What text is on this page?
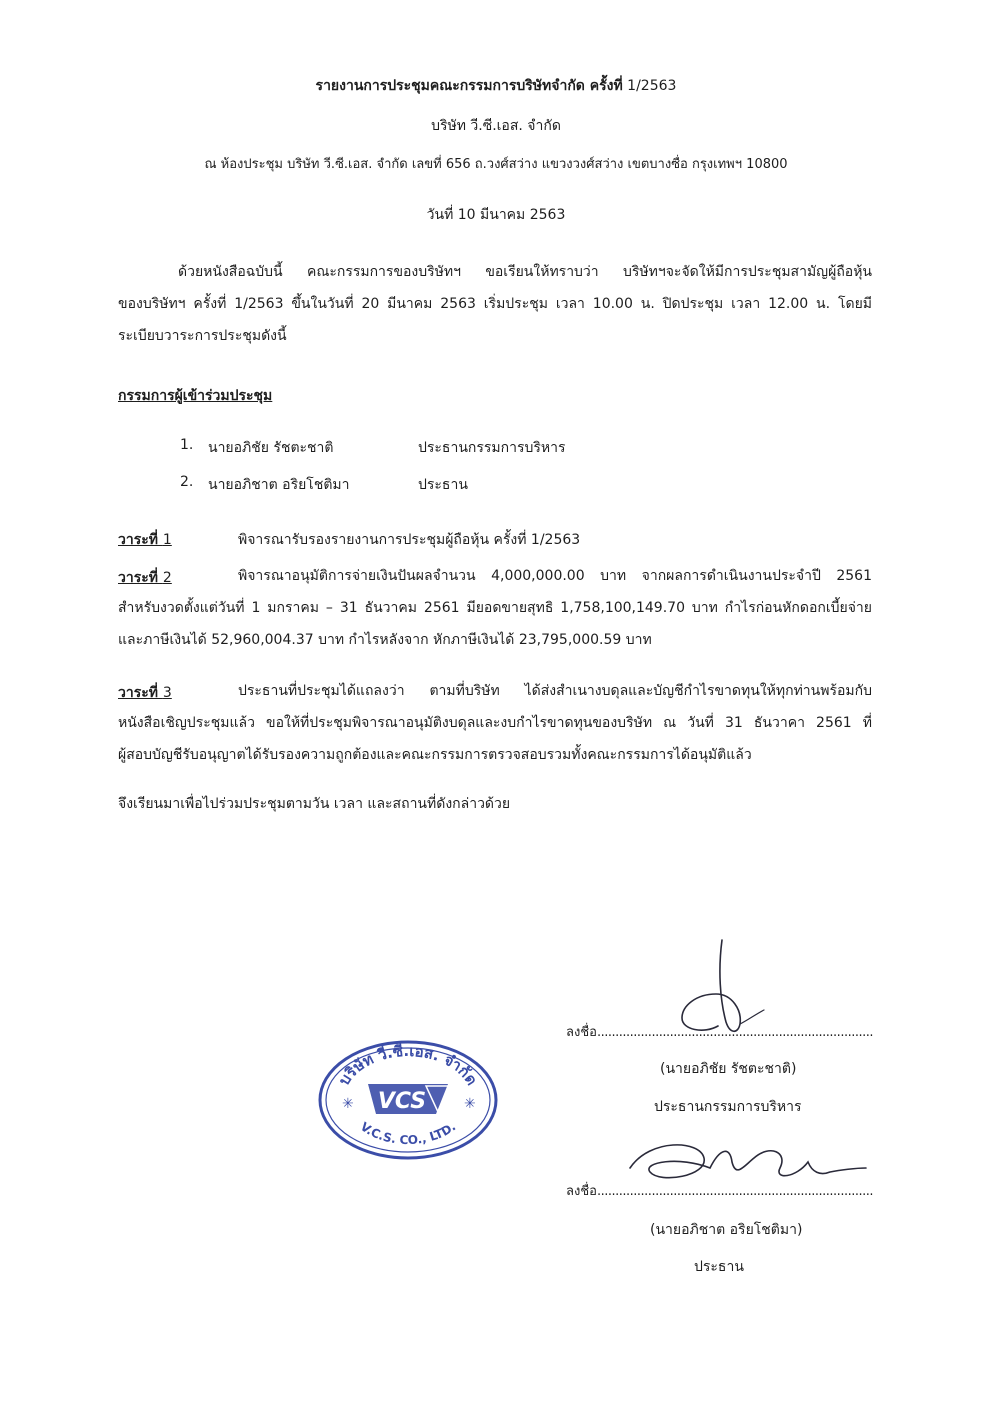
รายงานการประชุมคณะกรรมการบริษัทจำกัด ครั้งที่ 1/2563
บริษัท วี.ซี.เอส. จำกัด
ณ ห้องประชุม บริษัท วี.ซี.เอส. จำกัด เลขที่ 656 ถ.วงศ์สว่าง แขวงวงศ์สว่าง เขตบางซื่อ กรุงเทพฯ 10800
วันที่ 10 มีนาคม 2563
ด้วยหนังสือฉบับนี้ คณะกรรมการของบริษัทฯ ขอเรียนให้ทราบว่า บริษัทฯจะจัดให้มีการประชุมสามัญผู้ถือหุ้น
ของบริษัทฯ ครั้งที่ 1/2563 ขึ้นในวันที่ 20 มีนาคม 2563 เริ่มประชุม เวลา 10.00 น. ปิดประชุม เวลา 12.00 น. โดยมี
ระเบียบวาระการประชุมดังนี้
กรรมการผู้เข้าร่วมประชุม
1. นายอภิชัย รัชตะชาติ	ประธานกรรมการบริหาร
2. นายอภิชาต อริยโชติมา	ประธาน
วาระที่ 1	พิจารณารับรองรายงานการประชุมผู้ถือหุ้น ครั้งที่ 1/2563
วาระที่ 2	พิจารณาอนุมัติการจ่ายเงินปันผลจำนวน 4,000,000.00 บาท จากผลการดำเนินงานประจำปี 2561
สำหรับงวดตั้งแต่วันที่ 1 มกราคม – 31 ธันวาคม 2561 มียอดขายสุทธิ 1,758,100,149.70 บาท กำไรก่อนหักดอกเบี้ยจ่าย
และภาษีเงินได้ 52,960,004.37 บาท กำไรหลังจาก หักภาษีเงินได้ 23,795,000.59 บาท
วาระที่ 3	ประธานที่ประชุมได้แถลงว่า ตามที่บริษัท ได้ส่งสำเนางบดุลและบัญชีกำไรขาดทุนให้ทุกท่านพร้อมกับ
หนังสือเชิญประชุมแล้ว ขอให้ที่ประชุมพิจารณาอนุมัติงบดุลและงบกำไรขาดทุนของบริษัท ณ วันที่ 31 ธันวาคา 2561 ที่
ผู้สอบบัญชีรับอนุญาตได้รับรองความถูกต้องและคณะกรรมการตรวจสอบรวมทั้งคณะกรรมการได้อนุมัติแล้ว
จึงเรียนมาเพื่อไปร่วมประชุมตามวัน เวลา และสถานที่ดังกล่าวด้วย
ลงชื่อ............................................................................
(นายอภิชัย รัชตะชาติ)
ประธานกรรมการบริหาร
บริษัท วี.ซี.เอส. จำกัด
V.C.S. CO., LTD.
VCS
✳	✳
ลงชื่อ............................................................................
(นายอภิชาต อริยโชติมา)
ประธาน
